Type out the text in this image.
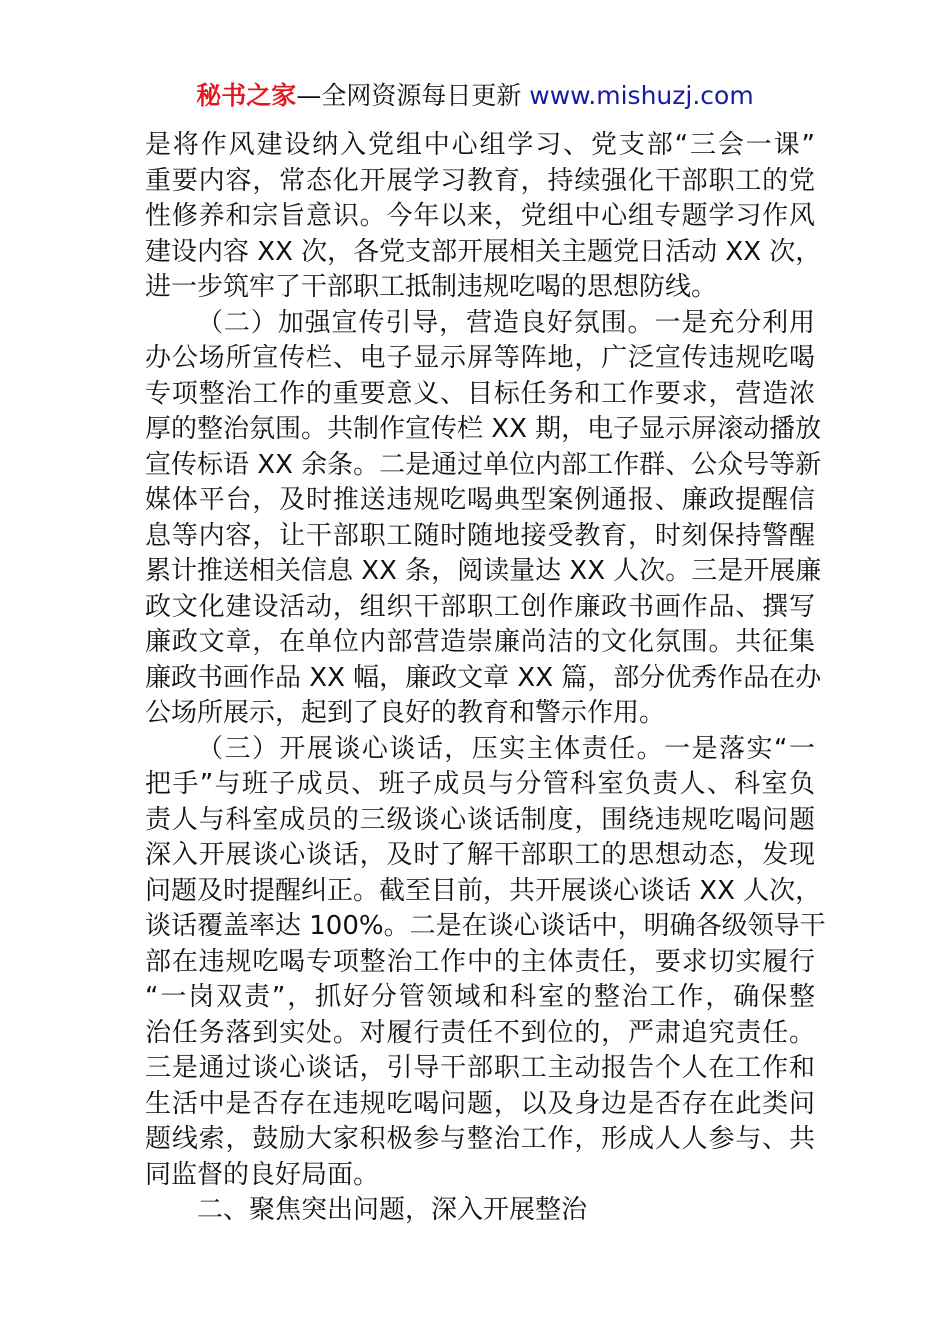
秘书之家—全网资源每日更新 www.mishuzj.com
是将作风建设纳入党组中心组学习、党支部“三会一课”
重要内容，常态化开展学习教育，持续强化干部职工的党
性修养和宗旨意识。今年以来，党组中心组专题学习作风
建设内容 XX 次，各党支部开展相关主题党日活动 XX 次，
进一步筑牢了干部职工抵制违规吃喝的思想防线。
（二）加强宣传引导，营造良好氛围。一是充分利用
办公场所宣传栏、电子显示屏等阵地，广泛宣传违规吃喝
专项整治工作的重要意义、目标任务和工作要求，营造浓
厚的整治氛围。共制作宣传栏 XX 期，电子显示屏滚动播放
宣传标语 XX 余条。二是通过单位内部工作群、公众号等新
媒体平台，及时推送违规吃喝典型案例通报、廉政提醒信
息等内容，让干部职工随时随地接受教育，时刻保持警醒
累计推送相关信息 XX 条，阅读量达 XX 人次。三是开展廉
政文化建设活动，组织干部职工创作廉政书画作品、撰写
廉政文章，在单位内部营造崇廉尚洁的文化氛围。共征集
廉政书画作品 XX 幅，廉政文章 XX 篇，部分优秀作品在办
公场所展示，起到了良好的教育和警示作用。
（三）开展谈心谈话，压实主体责任。一是落实“一
把手”与班子成员、班子成员与分管科室负责人、科室负
责人与科室成员的三级谈心谈话制度，围绕违规吃喝问题
深入开展谈心谈话，及时了解干部职工的思想动态，发现
问题及时提醒纠正。截至目前，共开展谈心谈话 XX 人次，
谈话覆盖率达 100%。二是在谈心谈话中，明确各级领导干
部在违规吃喝专项整治工作中的主体责任，要求切实履行
“一岗双责”，抓好分管领域和科室的整治工作，确保整
治任务落到实处。对履行责任不到位的，严肃追究责任。
三是通过谈心谈话，引导干部职工主动报告个人在工作和
生活中是否存在违规吃喝问题，以及身边是否存在此类问
题线索，鼓励大家积极参与整治工作，形成人人参与、共
同监督的良好局面。
二、聚焦突出问题，深入开展整治
